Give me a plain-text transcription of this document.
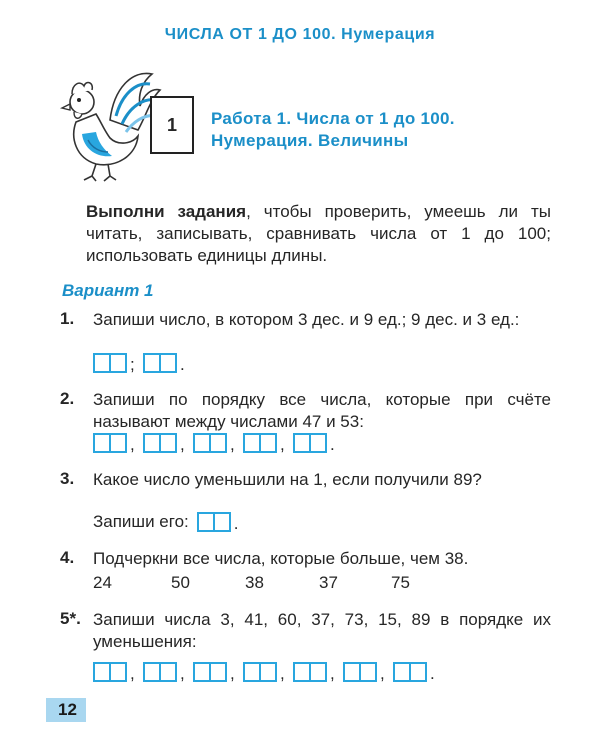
ЧИСЛА ОТ 1 ДО 100. Нумерация
1 Работа 1. Числа от 1 до 100.
Нумерация. Величины
Выполни задания, чтобы проверить, умеешь ли ты читать, записывать, сравнивать числа от 1 до 100; использовать единицы длины.
Вариант 1
1. Запиши число, в котором 3 дес. и 9 ед.; 9 дес. и 3 ед.:
;	.
2. Запиши по порядку все числа, которые при счёте называют между числами 47 и 53:
,	,	,	,	.
3. Какое число уменьшили на 1, если получили 89?
Запиши его:	.
4. Подчеркни все числа, которые больше, чем 38.
24	50	38	37	75
5*. Запиши числа 3, 41, 60, 37, 73, 15, 89 в порядке их уменьшения:
,	,	,	,	,	,	.
12
